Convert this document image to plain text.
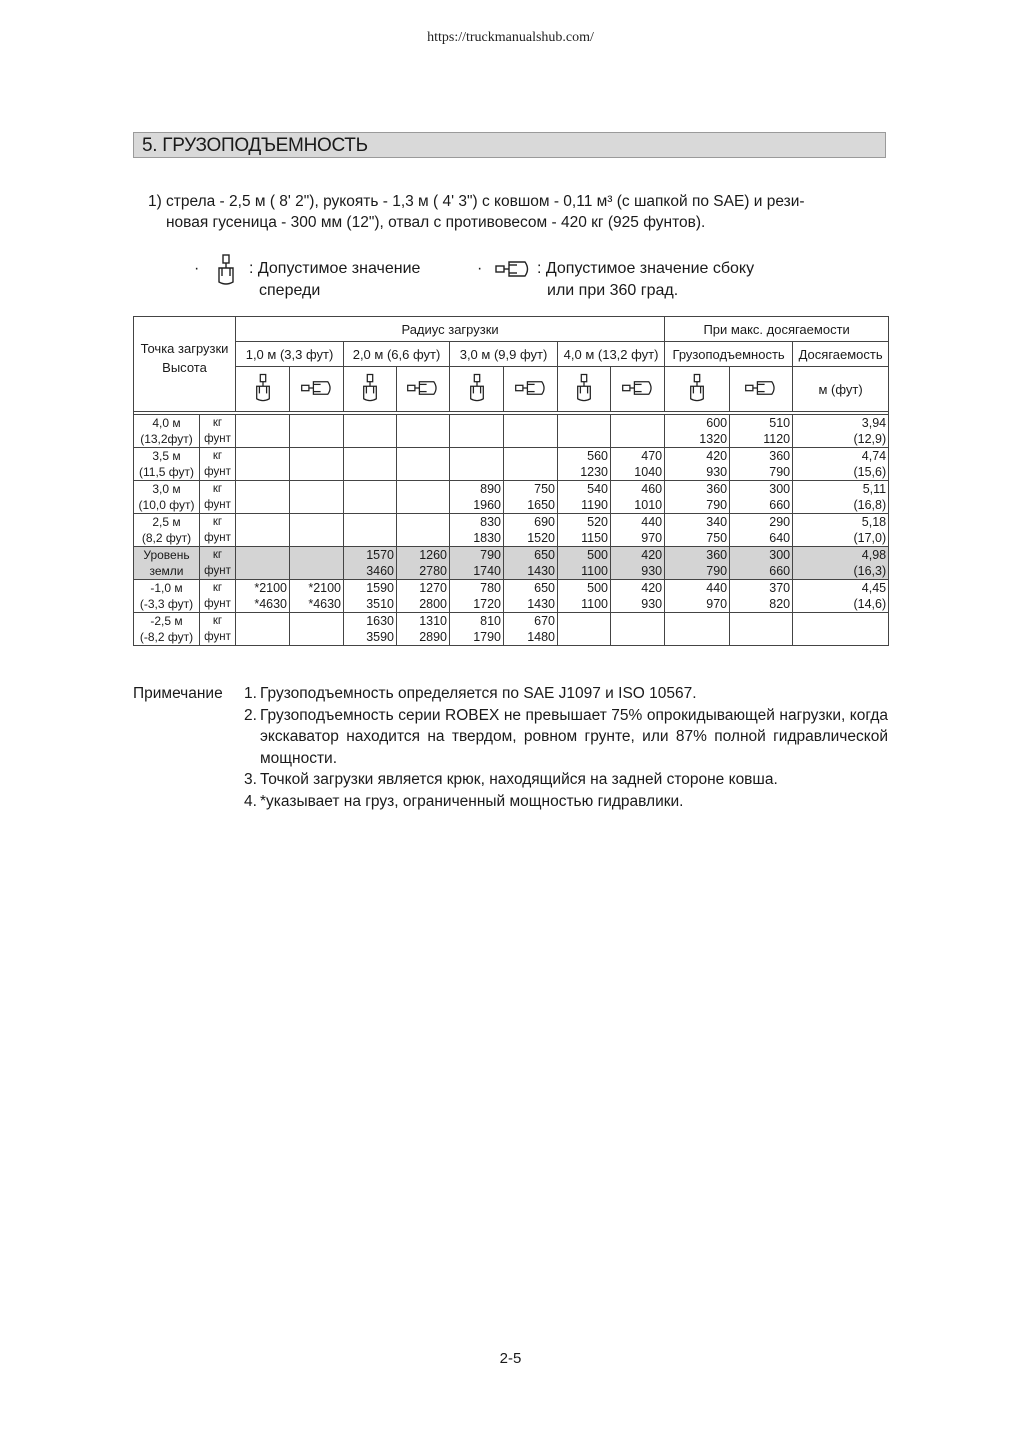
https://truckmanualshub.com/
5. ГРУЗОПОДЪЕМНОСТЬ
1) стрела - 2,5 м ( 8' 2"), рукоять - 1,3 м ( 4' 3") с ковшом - 0,11 м³ (с шапкой по SAE) и рези-
новая гусеница - 300 мм (12"), отвал с противовесом - 420 кг (925 фунтов).
·	: Допустимое значение
спереди
·	: Допустимое значение сбоку
или при 360 град.
Точка загрузки Высота		Радиус загрузки								При макс. досягаемости		
		1,0 м (3,3 фут)		2,0 м (6,6 фут)		3,0 м (9,9 фут)		4,0 м (13,2 фут)		Грузоподъемность		Досягаемость
										м (фут)

4,0 м	кг									600	510	3,94
(13,2фут)	фунт									1320	1120	(12,9)
3,5 м	кг							560	470	420	360	4,74
(11,5 фут)	фунт							1230	1040	930	790	(15,6)
3,0 м	кг					890	750	540	460	360	300	5,11
(10,0 фут)	фунт					1960	1650	1190	1010	790	660	(16,8)
2,5 м	кг					830	690	520	440	340	290	5,18
(8,2 фут)	фунт					1830	1520	1150	970	750	640	(17,0)
Уровень	кг			1570	1260	790	650	500	420	360	300	4,98
земли	фунт			3460	2780	1740	1430	1100	930	790	660	(16,3)
-1,0 м	кг	*2100	*2100	1590	1270	780	650	500	420	440	370	4,45
(-3,3 фут)	фунт	*4630	*4630	3510	2800	1720	1430	1100	930	970	820	(14,6)
-2,5 м	кг			1630	1310	810	670					
(-8,2 фут)	фунт			3590	2890	1790	1480					
Примечание 1. Грузоподъемность определяется по SAE J1097 и ISO 10567.
2. Грузоподъемность серии ROBEX не превышает 75% опрокидывающей нагрузки, когда экскаватор находится на твердом, ровном грунте, или 87% полной гидравлической мощности.
3. Точкой загрузки является крюк, находящийся на задней стороне ковша.
4. *указывает на груз, ограниченный мощностью гидравлики.
2-5
